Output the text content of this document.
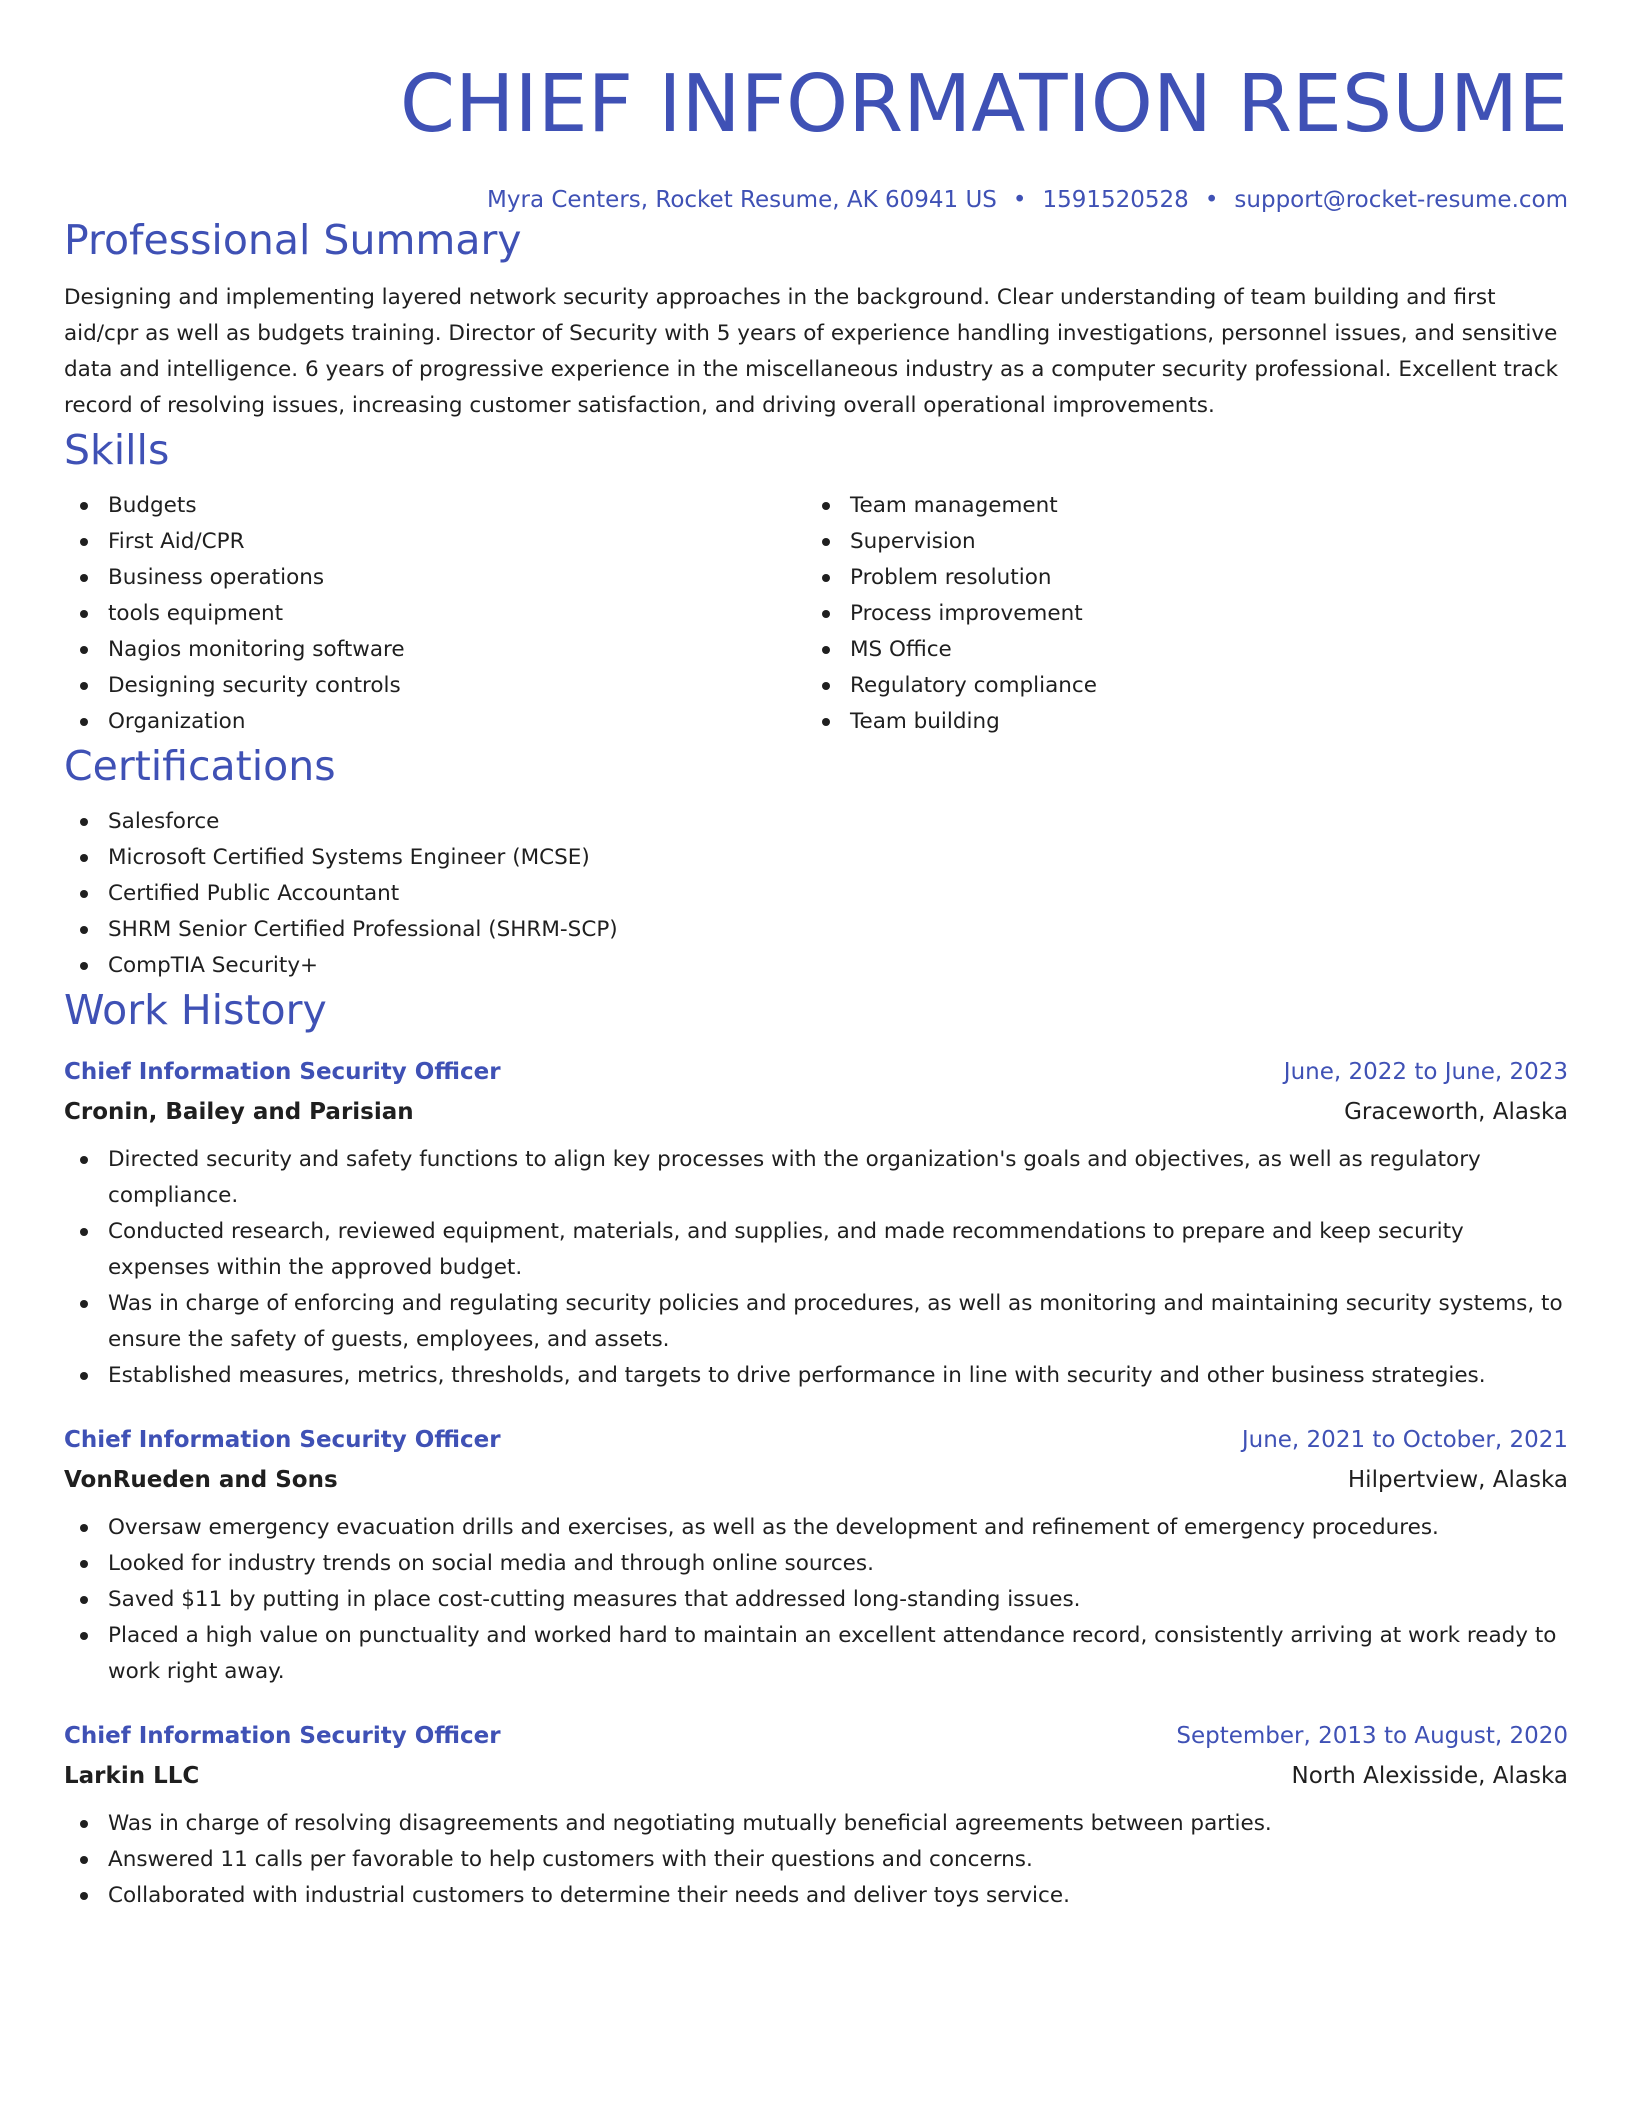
CHIEF INFORMATION RESUME
Myra Centers, Rocket Resume, AK 60941 US • 1591520528 • support@rocket-resume.com
Professional Summary

Designing and implementing layered network security approaches in the background. Clear understanding of team building and first aid/cpr as well as budgets training. Director of Security with 5 years of experience handling investigations, personnel issues, and sensitive data and intelligence. 6 years of progressive experience in the miscellaneous industry as a computer security professional. Excellent track record of resolving issues, increasing customer satisfaction, and driving overall operational improvements.

Skills
Budgets
First Aid/CPR
Business operations
tools equipment
Nagios monitoring software
Designing security controls
Organization
Team management
Supervision
Problem resolution
Process improvement
MS Office
Regulatory compliance
Team building
Certifications
Salesforce
Microsoft Certified Systems Engineer (MCSE)
Certified Public Accountant
SHRM Senior Certified Professional (SHRM-SCP)
CompTIA Security+
Work History
Chief Information Security Officer	June, 2022 to June, 2023
Cronin, Bailey and Parisian	Graceworth, Alaska
Directed security and safety functions to align key processes with the organization's goals and objectives, as well as regulatory compliance.
Conducted research, reviewed equipment, materials, and supplies, and made recommendations to prepare and keep security expenses within the approved budget.
Was in charge of enforcing and regulating security policies and procedures, as well as monitoring and maintaining security systems, to ensure the safety of guests, employees, and assets.
Established measures, metrics, thresholds, and targets to drive performance in line with security and other business strategies.
Chief Information Security Officer	June, 2021 to October, 2021
VonRueden and Sons	Hilpertview, Alaska
Oversaw emergency evacuation drills and exercises, as well as the development and refinement of emergency procedures.
Looked for industry trends on social media and through online sources.
Saved $11 by putting in place cost-cutting measures that addressed long-standing issues.
Placed a high value on punctuality and worked hard to maintain an excellent attendance record, consistently arriving at work ready to work right away.
Chief Information Security Officer	September, 2013 to August, 2020
Larkin LLC	North Alexisside, Alaska
Was in charge of resolving disagreements and negotiating mutually beneficial agreements between parties.
Answered 11 calls per favorable to help customers with their questions and concerns.
Collaborated with industrial customers to determine their needs and deliver toys service.
